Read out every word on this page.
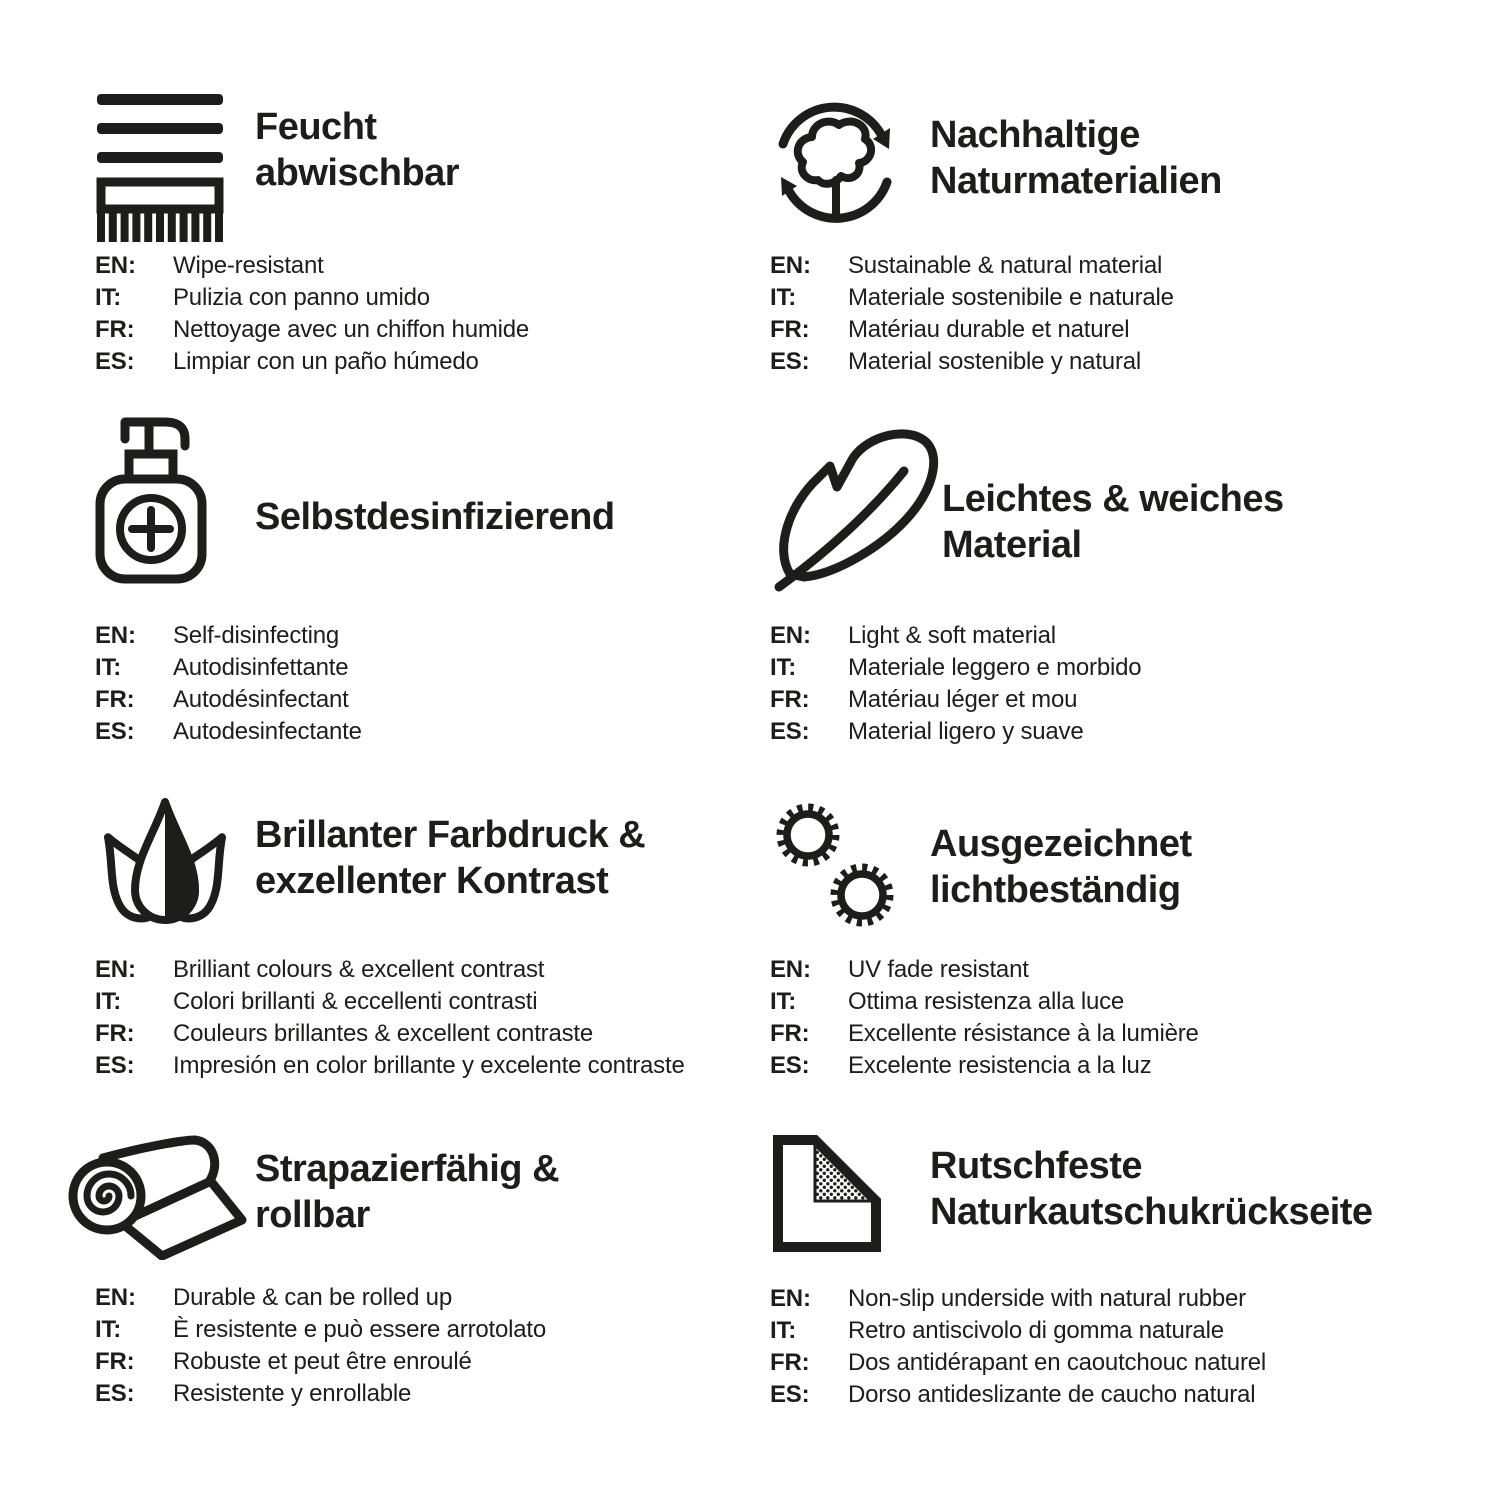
Feucht
abwischbar
EN:	Wipe-resistant
IT:	Pulizia con panno umido
FR:	Nettoyage avec un chiffon humide
ES:	Limpiar con un paño húmedo
Nachhaltige
Naturmaterialien
EN:	Sustainable & natural material
IT:	Materiale sostenibile e naturale
FR:	Matériau durable et naturel
ES:	Material sostenible y natural
Selbstdesinfizierend
EN:	Self-disinfecting
IT:	Autodisinfettante
FR:	Autodésinfectant
ES:	Autodesinfectante
Leichtes & weiches
Material
EN:	Light & soft material
IT:	Materiale leggero e morbido
FR:	Matériau léger et mou
ES:	Material ligero y suave
Brillanter Farbdruck &
exzellenter Kontrast
EN:	Brilliant colours & excellent contrast
IT:	Colori brillanti & eccellenti contrasti
FR:	Couleurs brillantes & excellent contraste
ES:	Impresión en color brillante y excelente contraste
Ausgezeichnet
lichtbeständig
EN:	UV fade resistant
IT:	Ottima resistenza alla luce
FR:	Excellente résistance à la lumière
ES:	Excelente resistencia a la luz
Strapazierfähig &
rollbar
EN:	Durable & can be rolled up
IT:	È resistente e può essere arrotolato
FR:	Robuste et peut être enroulé
ES:	Resistente y enrollable
Rutschfeste
Naturkautschukrückseite
EN:	Non-slip underside with natural rubber
IT:	Retro antiscivolo di gomma naturale
FR:	Dos antidérapant en caoutchouc naturel
ES:	Dorso antideslizante de caucho natural
